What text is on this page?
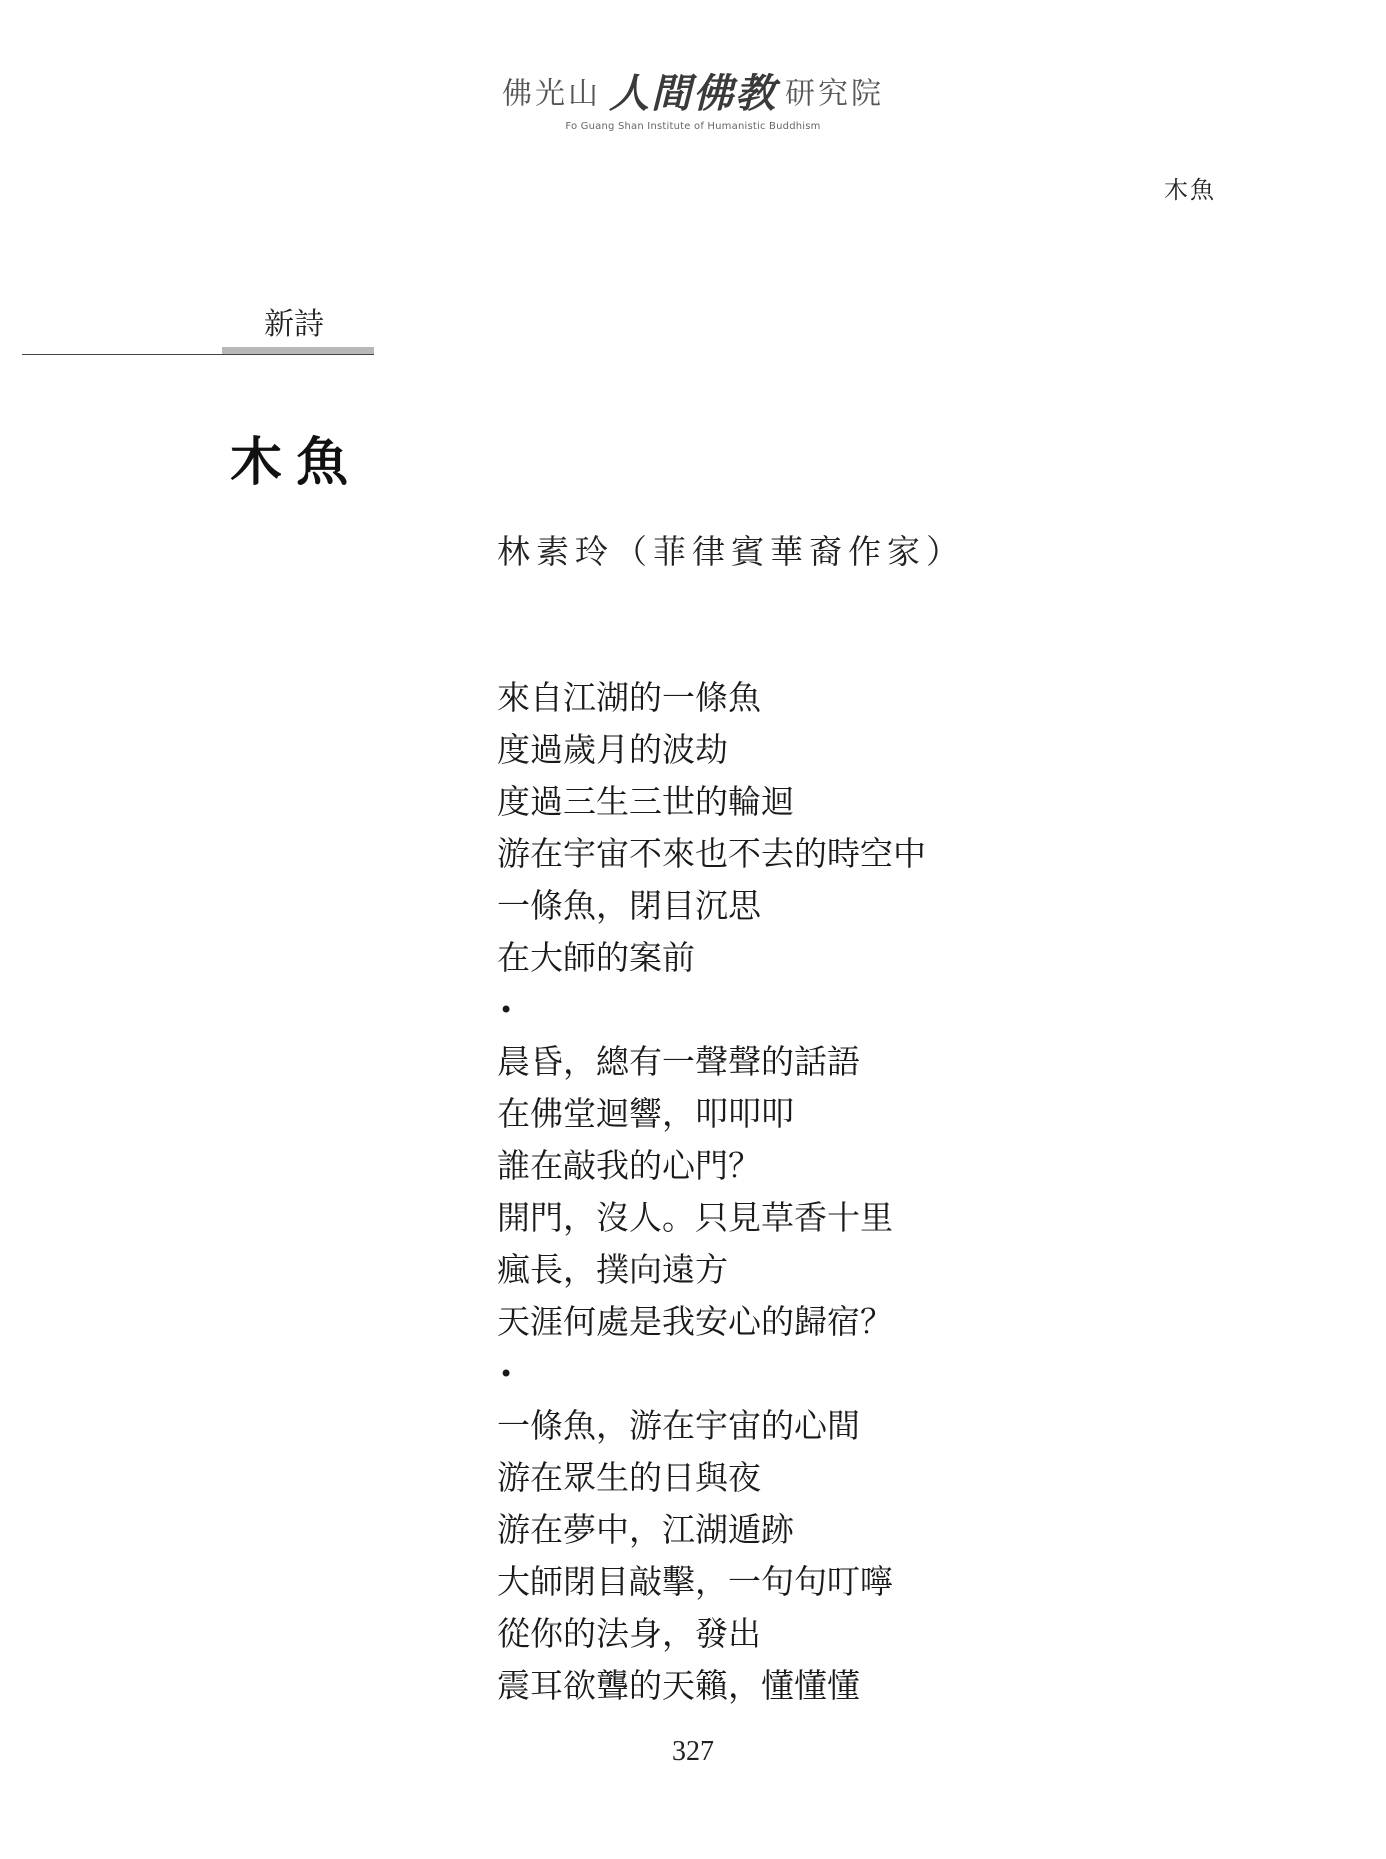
佛光山 人間佛教 研究院
Fo Guang Shan Institute of Humanistic Buddhism
木魚
新詩
木魚
林素玲（菲律賓華裔作家）
來自江湖的一條魚
度過歲月的波劫
度過三生三世的輪迴
游在宇宙不來也不去的時空中
一條魚，閉目沉思
在大師的案前
•
晨昏，總有一聲聲的話語
在佛堂迴響，叩叩叩
誰在敲我的心門？
開門，沒人。只見草香十里
瘋長，撲向遠方
天涯何處是我安心的歸宿？
•
一條魚，游在宇宙的心間
游在眾生的日與夜
游在夢中，江湖遁跡
大師閉目敲擊，一句句叮嚀
從你的法身，發出
震耳欲聾的天籟，懂懂懂
327
